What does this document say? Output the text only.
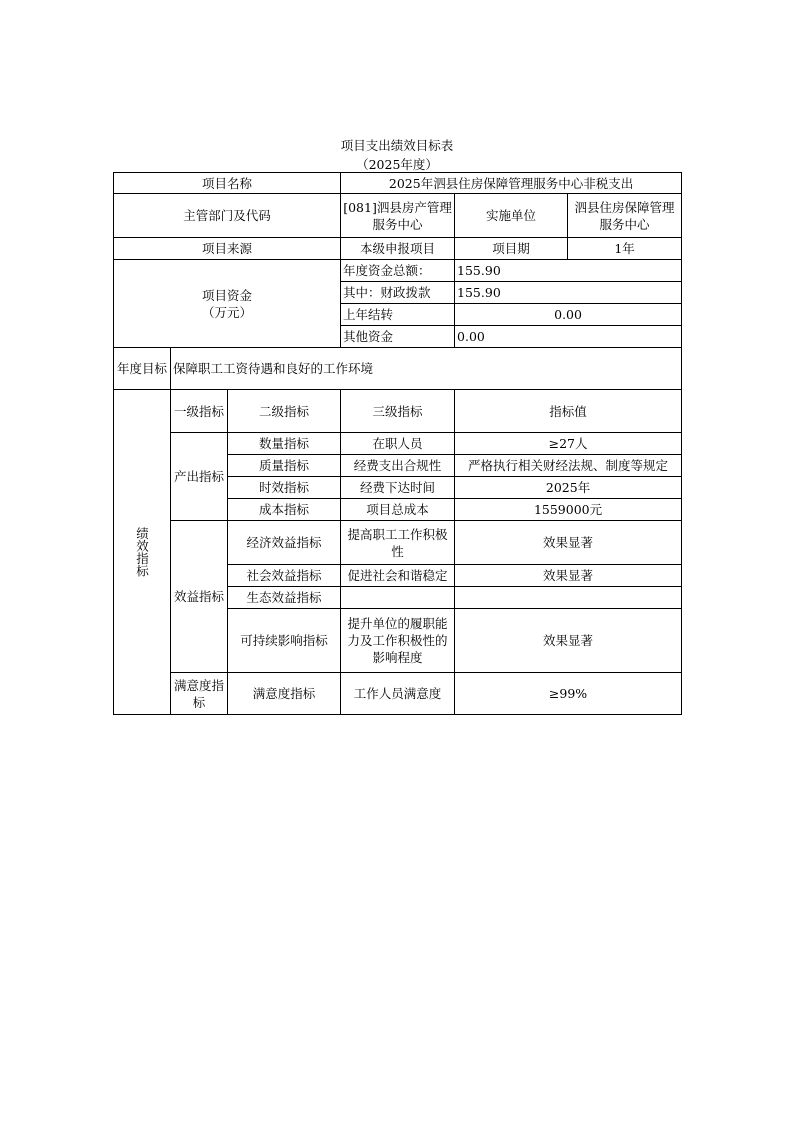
项目支出绩效目标表
（2025年度）
项目名称			2025年泗县住房保障管理服务中心非税支出		
主管部门及代码			[081]泗县房产管理服务中心	实施单位	泗县住房保障管理服务中心
项目来源			本级申报项目	项目期	1年

项目资金
（万元）			年度资金总额：	155.90	
			其中：财政拨款	155.90	
			上年结转	0.00	
			其他资金	0.00	
年度目标	保障职工工资待遇和良好的工作环境				
绩效指标	一级指标	二级指标	三级指标	指标值	
	产出指标	数量指标	在职人员	≥27人	
		质量指标	经费支出合规性	严格执行相关财经法规、制度等规定	
		时效指标	经费下达时间	2025年	
		成本指标	项目总成本	1559000元	
	效益指标	经济效益指标	提高职工工作积极性	效果显著	
		社会效益指标	促进社会和谐稳定	效果显著	
		生态效益指标			
		可持续影响指标	提升单位的履职能力及工作积极性的影响程度	效果显著	
	满意度指标	满意度指标	工作人员满意度	≥99%	
